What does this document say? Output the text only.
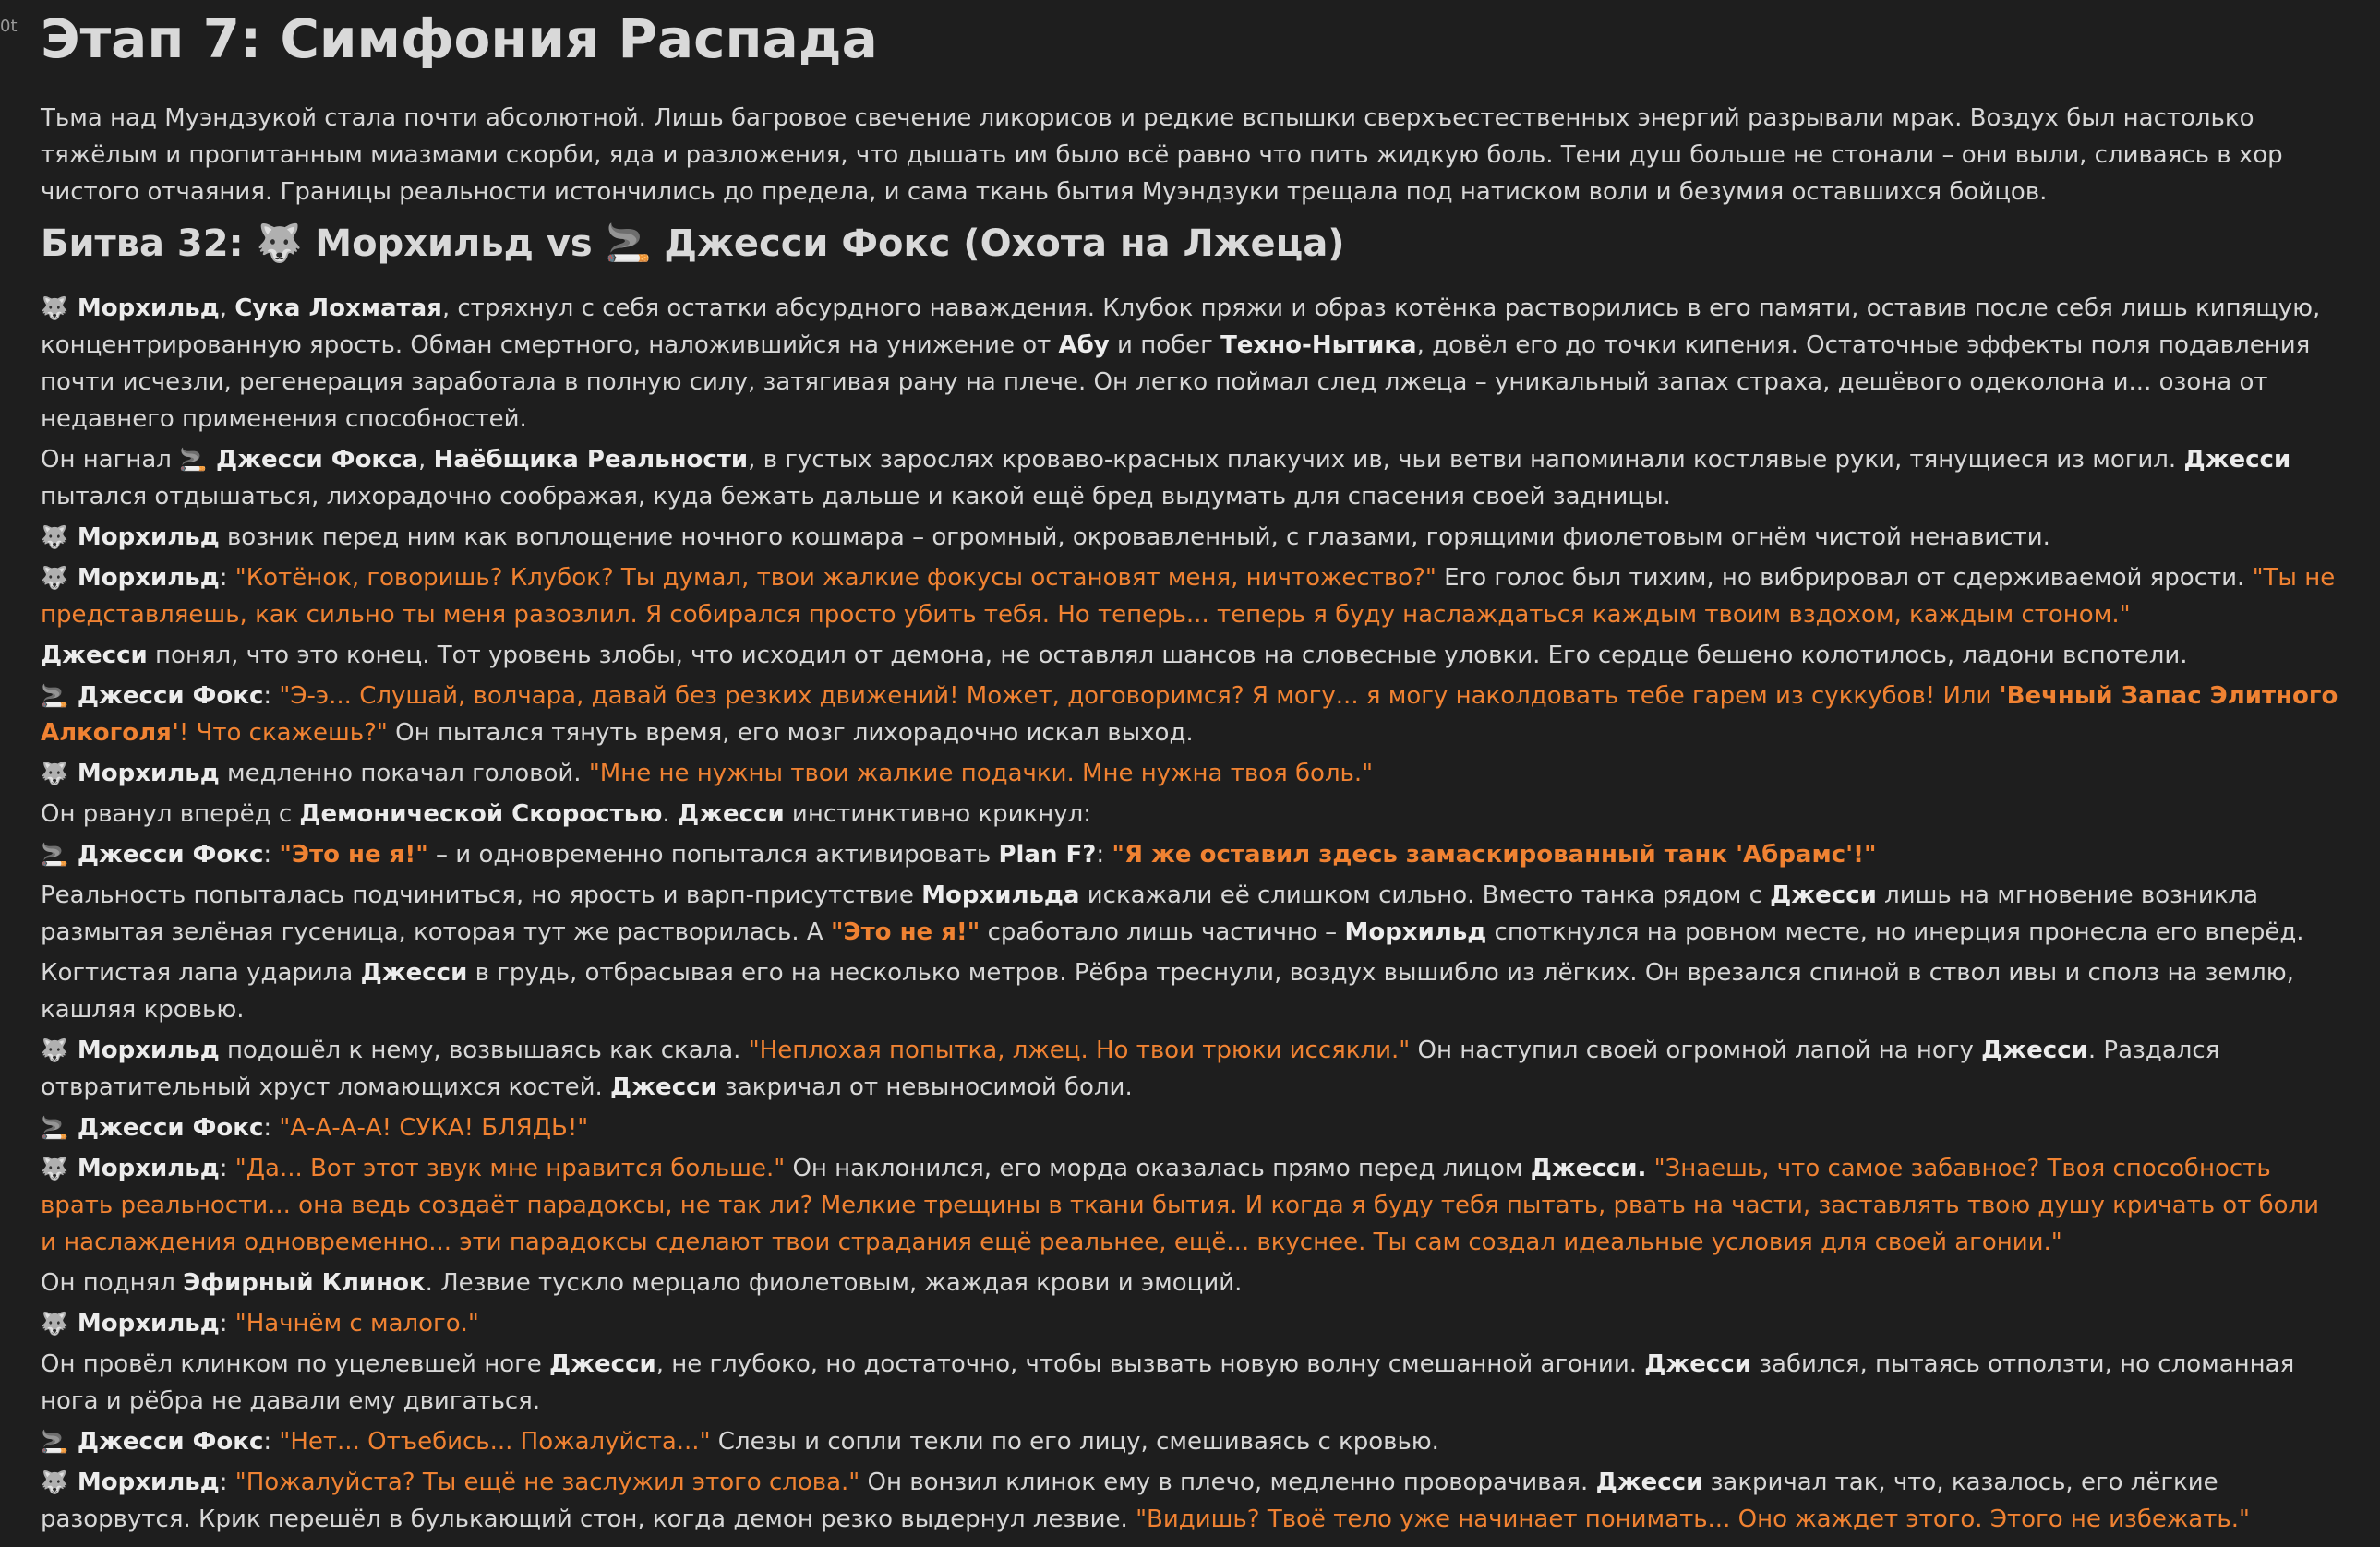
0t Этап 7: Симфония Распада

Тьма над Муэндзукой стала почти абсолютной. Лишь багровое свечение ликорисов и редкие вспышки сверхъестественных энергий разрывали мрак. Воздух был настолько тяжёлым и пропитанным миазмами скорби, яда и разложения, что дышать им было всё равно что пить жидкую боль. Тени душ больше не стонали – они выли, сливаясь в хор чистого отчаяния. Границы реальности истончились до предела, и сама ткань бытия Муэндзуки трещала под натиском воли и безумия оставшихся бойцов.

Битва 32: 🐺 Морхильд vs 🚬 Джесси Фокс (Охота на Лжеца)

🐺 Морхильд, Сука Лохматая, стряхнул с себя остатки абсурдного наваждения. Клубок пряжи и образ котёнка растворились в его памяти, оставив после себя лишь кипящую, концентрированную ярость. Обман смертного, наложившийся на унижение от Абу и побег Техно-Нытика, довёл его до точки кипения. Остаточные эффекты поля подавления почти исчезли, регенерация заработала в полную силу, затягивая рану на плече. Он легко поймал след лжеца – уникальный запах страха, дешёвого одеколона и... озона от недавнего применения способностей.

Он нагнал 🚬 Джесси Фокса, Наёбщика Реальности, в густых зарослях кроваво-красных плакучих ив, чьи ветви напоминали костлявые руки, тянущиеся из могил. Джесси пытался отдышаться, лихорадочно соображая, куда бежать дальше и какой ещё бред выдумать для спасения своей задницы.

🐺 Морхильд возник перед ним как воплощение ночного кошмара – огромный, окровавленный, с глазами, горящими фиолетовым огнём чистой ненависти.

🐺 Морхильд: "Котёнок, говоришь? Клубок? Ты думал, твои жалкие фокусы остановят меня, ничтожество?" Его голос был тихим, но вибрировал от сдерживаемой ярости. "Ты не представляешь, как сильно ты меня разозлил. Я собирался просто убить тебя. Но теперь... теперь я буду наслаждаться каждым твоим вздохом, каждым стоном."

Джесси понял, что это конец. Тот уровень злобы, что исходил от демона, не оставлял шансов на словесные уловки. Его сердце бешено колотилось, ладони вспотели.

🚬 Джесси Фокс: "Э-э... Слушай, волчара, давай без резких движений! Может, договоримся? Я могу... я могу наколдовать тебе гарем из суккубов! Или 'Вечный Запас Элитного Алкоголя'! Что скажешь?" Он пытался тянуть время, его мозг лихорадочно искал выход.

🐺 Морхильд медленно покачал головой. "Мне не нужны твои жалкие подачки. Мне нужна твоя боль."

Он рванул вперёд с Демонической Скоростью. Джесси инстинктивно крикнул:

🚬 Джесси Фокс: "Это не я!" – и одновременно попытался активировать Plan F?: "Я же оставил здесь замаскированный танк 'Абрамс'!"

Реальность попыталась подчиниться, но ярость и варп-присутствие Морхильда искажали её слишком сильно. Вместо танка рядом с Джесси лишь на мгновение возникла размытая зелёная гусеница, которая тут же растворилась. А "Это не я!" сработало лишь частично – Морхильд споткнулся на ровном месте, но инерция пронесла его вперёд.

Когтистая лапа ударила Джесси в грудь, отбрасывая его на несколько метров. Рёбра треснули, воздух вышибло из лёгких. Он врезался спиной в ствол ивы и сполз на землю, кашляя кровью.

🐺 Морхильд подошёл к нему, возвышаясь как скала. "Неплохая попытка, лжец. Но твои трюки иссякли." Он наступил своей огромной лапой на ногу Джесси. Раздался отвратительный хруст ломающихся костей. Джесси закричал от невыносимой боли.

🚬 Джесси Фокс: "А-А-А-А! СУКА! БЛЯДЬ!"

🐺 Морхильд: "Да... Вот этот звук мне нравится больше." Он наклонился, его морда оказалась прямо перед лицом Джесси. "Знаешь, что самое забавное? Твоя способность врать реальности... она ведь создаёт парадоксы, не так ли? Мелкие трещины в ткани бытия. И когда я буду тебя пытать, рвать на части, заставлять твою душу кричать от боли и наслаждения одновременно... эти парадоксы сделают твои страдания ещё реальнее, ещё... вкуснее. Ты сам создал идеальные условия для своей агонии."

Он поднял Эфирный Клинок. Лезвие тускло мерцало фиолетовым, жаждая крови и эмоций.

🐺 Морхильд: "Начнём с малого."

Он провёл клинком по уцелевшей ноге Джесси, не глубоко, но достаточно, чтобы вызвать новую волну смешанной агонии. Джесси забился, пытаясь отползти, но сломанная нога и рёбра не давали ему двигаться.

🚬 Джесси Фокс: "Нет... Отъебись... Пожалуйста..." Слезы и сопли текли по его лицу, смешиваясь с кровью.

🐺 Морхильд: "Пожалуйста? Ты ещё не заслужил этого слова." Он вонзил клинок ему в плечо, медленно проворачивая. Джесси закричал так, что, казалось, его лёгкие разорвутся. Крик перешёл в булькающий стон, когда демон резко выдернул лезвие. "Видишь? Твоё тело уже начинает понимать... Оно жаждет этого. Этого не избежать."
